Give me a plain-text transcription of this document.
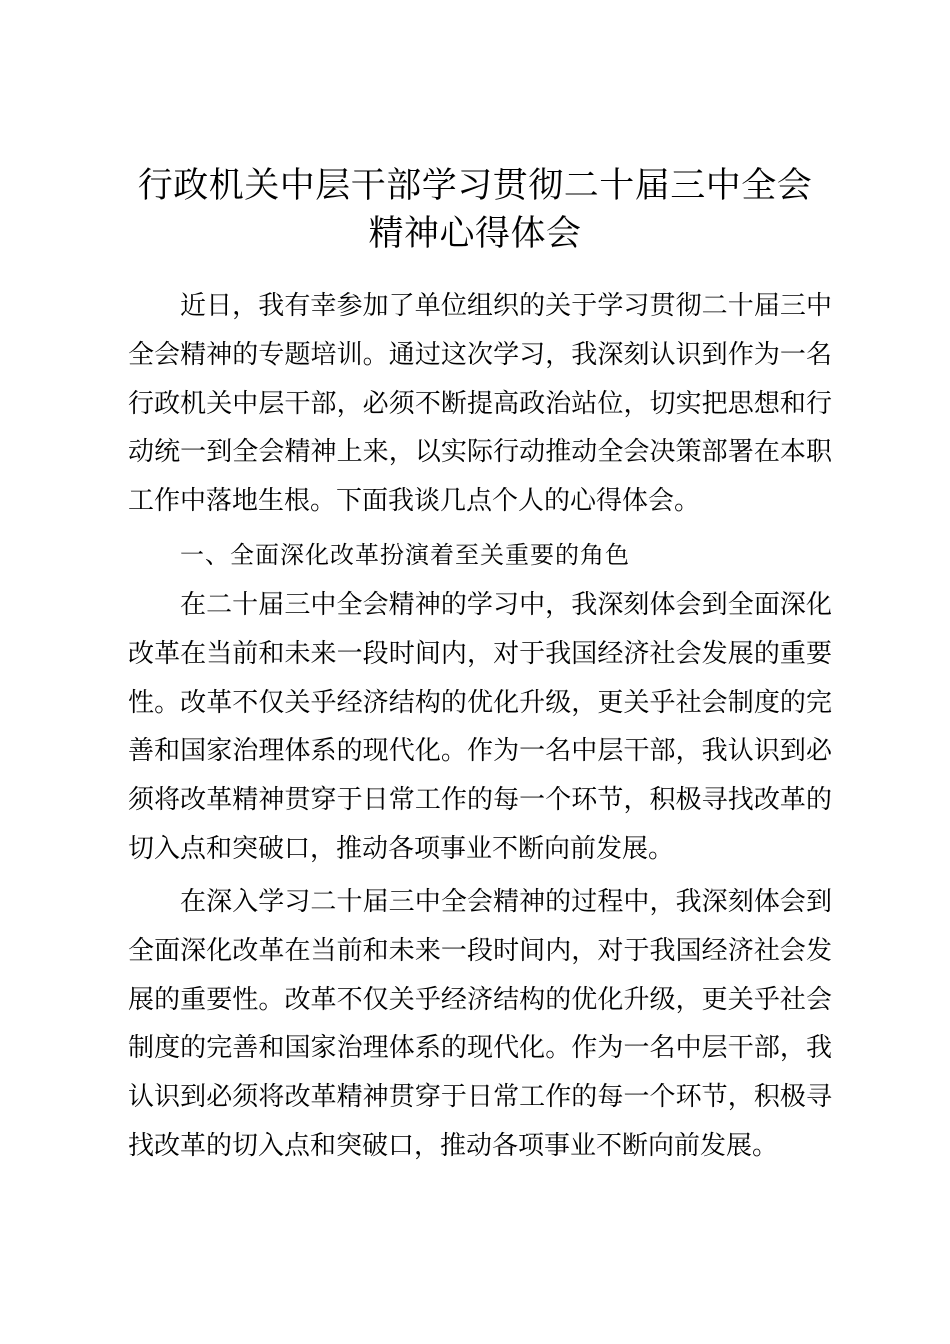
行政机关中层干部学习贯彻二十届三中全会精神心得体会

近日，我有幸参加了单位组织的关于学习贯彻二十届三中全会精神的专题培训。通过这次学习，我深刻认识到作为一名行政机关中层干部，必须不断提高政治站位，切实把思想和行动统一到全会精神上来，以实际行动推动全会决策部署在本职工作中落地生根。下面我谈几点个人的心得体会。

一、全面深化改革扮演着至关重要的角色

在二十届三中全会精神的学习中，我深刻体会到全面深化改革在当前和未来一段时间内，对于我国经济社会发展的重要性。改革不仅关乎经济结构的优化升级，更关乎社会制度的完善和国家治理体系的现代化。作为一名中层干部，我认识到必须将改革精神贯穿于日常工作的每一个环节，积极寻找改革的切入点和突破口，推动各项事业不断向前发展。

在深入学习二十届三中全会精神的过程中，我深刻体会到全面深化改革在当前和未来一段时间内，对于我国经济社会发展的重要性。改革不仅关乎经济结构的优化升级，更关乎社会制度的完善和国家治理体系的现代化。作为一名中层干部，我认识到必须将改革精神贯穿于日常工作的每一个环节，积极寻找改革的切入点和突破口，推动各项事业不断向前发展。
